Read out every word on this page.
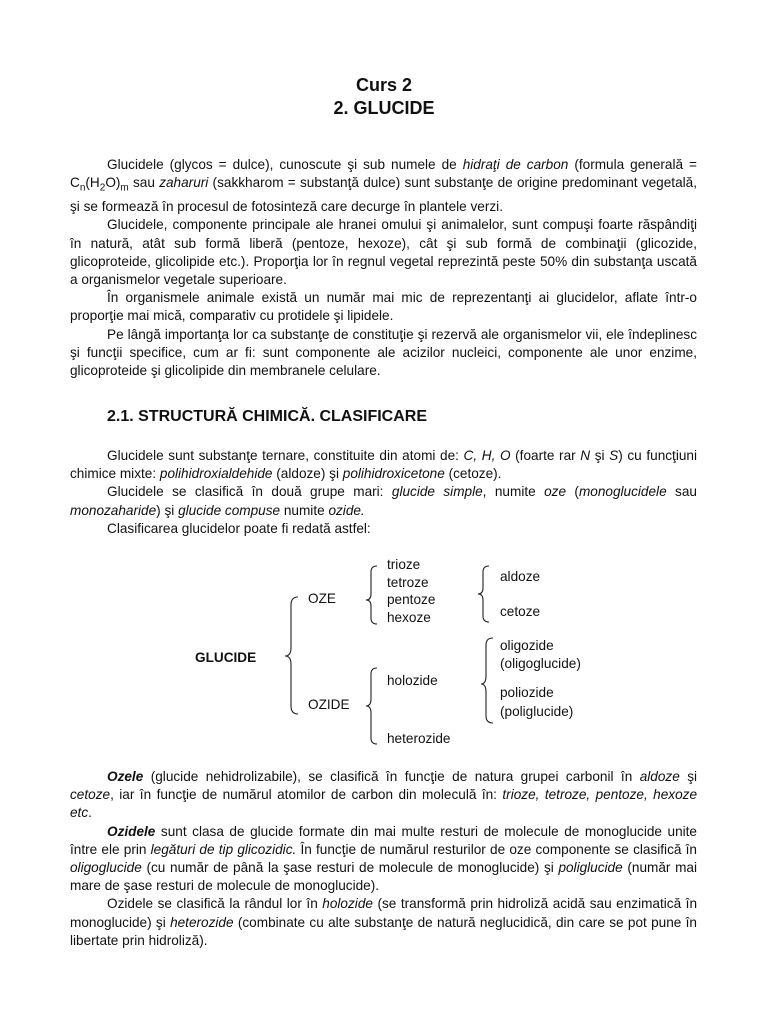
Curs 2
2. GLUCIDE

Glucidele (glycos = dulce), cunoscute şi sub numele de hidraţi de carbon (formula generală = $C_n(H_2O)_m$ sau zaharuri (sakkharom = substanţă dulce) sunt substanţe de origine predominant vegetală, şi se formează în procesul de fotosinteză care decurge în plantele verzi.

Glucidele, componente principale ale hranei omului şi animalelor, sunt compuşi foarte răspândiţi în natură, atât sub formă liberă (pentoze, hexoze), cât şi sub formă de combinaţii (glicozide, glicoproteide, glicolipide etc.). Proporţia lor în regnul vegetal reprezintă peste 50% din substanţa uscată a organismelor vegetale superioare.

În organismele animale există un număr mai mic de reprezentanţi ai glucidelor, aflate într-o proporţie mai mică, comparativ cu protidele şi lipidele.

Pe lângă importanţa lor ca substanţe de constituţie şi rezervă ale organismelor vii, ele îndeplinesc şi funcţii specifice, cum ar fi: sunt componente ale acizilor nucleici, componente ale unor enzime, glicoproteide şi glicolipide din membranele celulare.

2.1. STRUCTURĂ CHIMICĂ. CLASIFICARE

Glucidele sunt substanţe ternare, constituite din atomi de: C, H, O (foarte rar N şi S) cu funcţiuni chimice mixte: polihidroxialdehide (aldoze) şi polihidroxicetone (cetoze).

Glucidele se clasifică în două grupe mari: glucide simple, numite oze (monoglucidele sau monozaharide) şi glucide compuse numite ozide.

Clasificarea glucidelor poate fi redată astfel:

GLUCIDE
OZE
OZIDE
trioze
tetroze
pentoze
hexoze
aldoze
cetoze
holozide
heterozide
oligozide
(oligoglucide)
poliozide
(poliglucide)

Ozele (glucide nehidrolizabile), se clasifică în funcţie de natura grupei carbonil în aldoze şi cetoze, iar în funcţie de numărul atomilor de carbon din moleculă în: trioze, tetroze, pentoze, hexoze etc.

Ozidele sunt clasa de glucide formate din mai multe resturi de molecule de monoglucide unite între ele prin legături de tip glicozidic. În funcţie de numărul resturilor de oze componente se clasifică în oligoglucide (cu număr de până la şase resturi de molecule de monoglucide) şi poliglucide (număr mai mare de şase resturi de molecule de monoglucide).

Ozidele se clasifică la rândul lor în holozide (se transformă prin hidroliză acidă sau enzimatică în monoglucide) şi heterozide (combinate cu alte substanţe de natură neglucidică, din care se pot pune în libertate prin hidroliză).
